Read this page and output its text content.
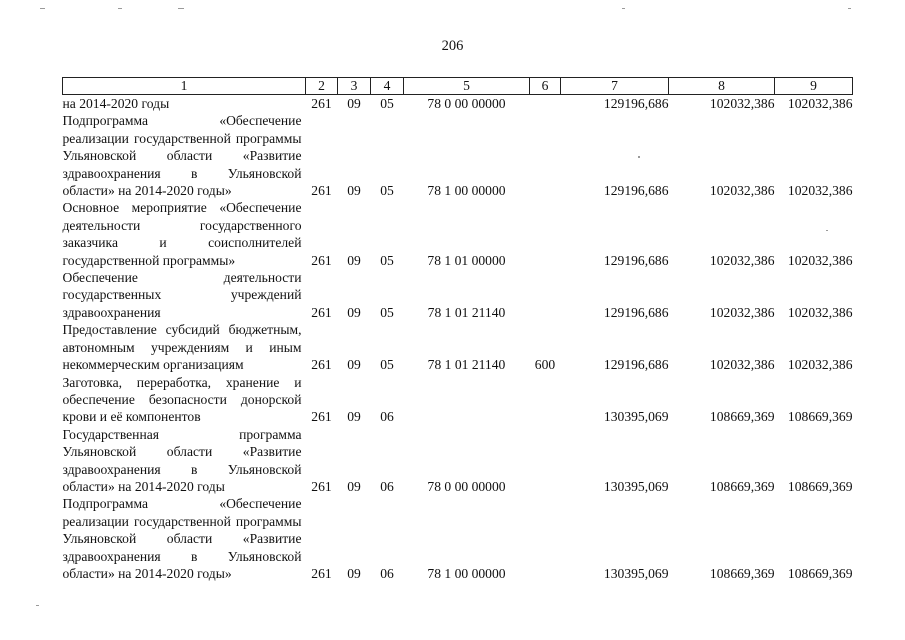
206
1	2	3	4	5	6	7	8	9
на 2014-2020 годы	261	09	05	78 0 00 00000		129196,686	102032,386	102032,386
Подпрограмма «Обеспечение реализации государственной программы Ульяновской области «Развитие здравоохранения в Ульяновской области» на 2014-2020 годы»	261	09	05	78 1 00 00000		129196,686	102032,386	102032,386
Основное мероприятие «Обеспечение деятельности государственного заказчика и соисполнителей государственной программы»	261	09	05	78 1 01 00000		129196,686	102032,386	102032,386
Обеспечение деятельности государственных учреждений здравоохранения	261	09	05	78 1 01 21140		129196,686	102032,386	102032,386
Предоставление субсидий бюджетным, автономным учреждениям и иным некоммерческим организациям	261	09	05	78 1 01 21140	600	129196,686	102032,386	102032,386
Заготовка, переработка, хранение и обеспечение безопасности донорской крови и её компонентов	261	09	06			130395,069	108669,369	108669,369
Государственная программа Ульяновской области «Развитие здравоохранения в Ульяновской области» на 2014-2020 годы	261	09	06	78 0 00 00000		130395,069	108669,369	108669,369
Подпрограмма «Обеспечение реализации государственной программы Ульяновской области «Развитие здравоохранения в Ульяновской области» на 2014-2020 годы»	261	09	06	78 1 00 00000		130395,069	108669,369	108669,369
